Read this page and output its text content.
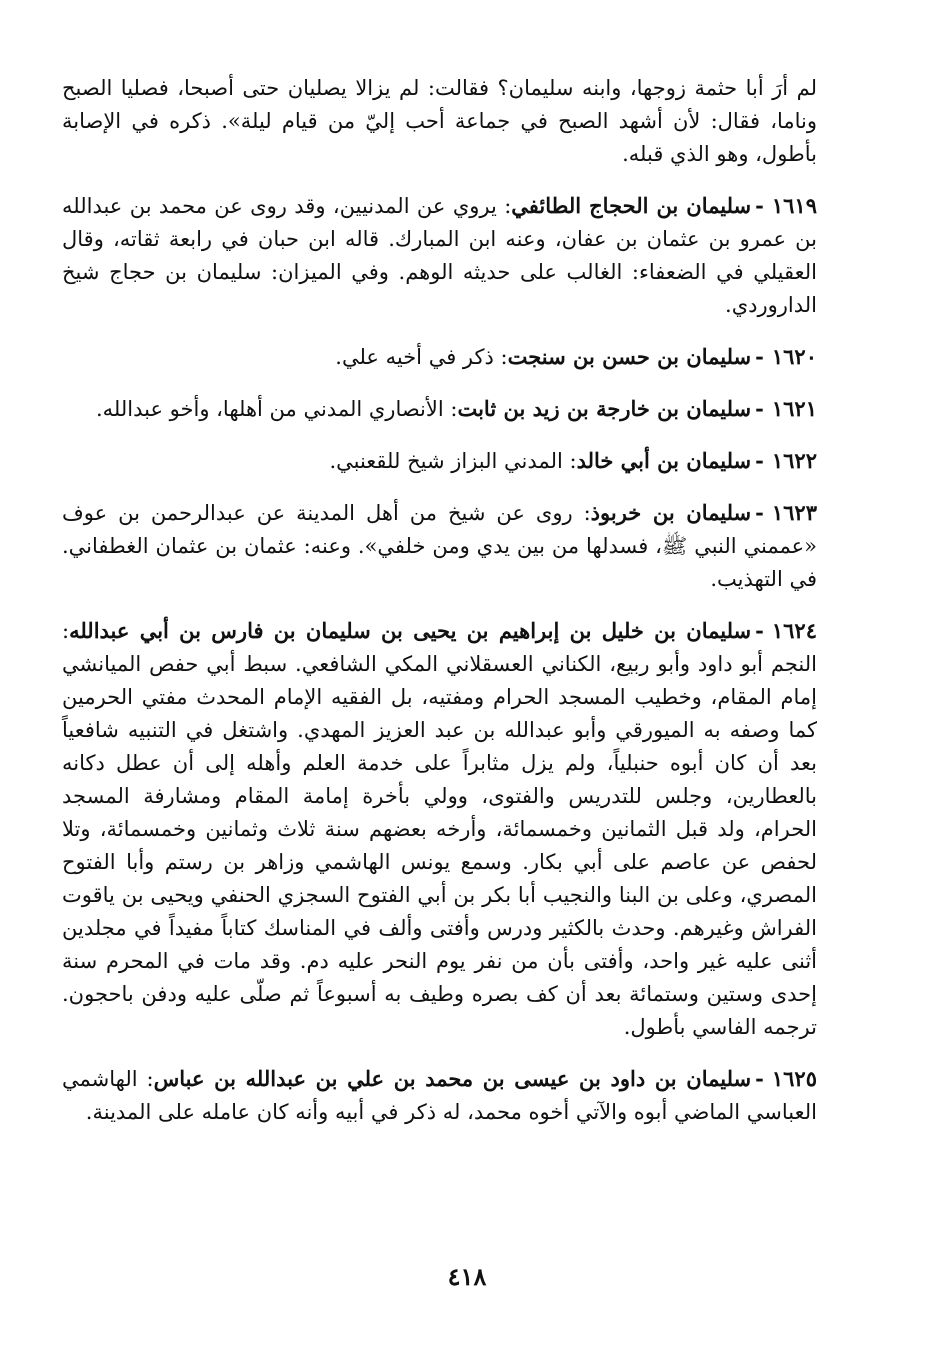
لم أرَ أبا حثمة زوجها، وابنه سليمان؟ فقالت: لم يزالا يصليان حتى أصبحا، فصليا الصبح وناما، فقال: لأن أشهد الصبح في جماعة أحب إليّ من قيام ليلة». ذكره في الإصابة بأطول، وهو الذي قبله.

١٦١٩-سليمان بن الحجاج الطائفي: يروي عن المدنيين، وقد روى عن محمد بن عبدالله بن عمرو بن عثمان بن عفان، وعنه ابن المبارك. قاله ابن حبان في رابعة ثقاته، وقال العقيلي في الضعفاء: الغالب على حديثه الوهم. وفي الميزان: سليمان بن حجاج شيخ الداروردي.

١٦٢٠-سليمان بن حسن بن سنجت: ذكر في أخيه علي.

١٦٢١-سليمان بن خارجة بن زيد بن ثابت: الأنصاري المدني من أهلها، وأخو عبدالله.

١٦٢٢-سليمان بن أبي خالد: المدني البزاز شيخ للقعنبي.

١٦٢٣-سليمان بن خربوذ: روى عن شيخ من أهل المدينة عن عبدالرحمن بن عوف «عممني النبي ﷺ، فسدلها من بين يدي ومن خلفي». وعنه: عثمان بن عثمان الغطفاني. في التهذيب.

١٦٢٤-سليمان بن خليل بن إبراهيم بن يحيى بن سليمان بن فارس بن أبي عبدالله: النجم أبو داود وأبو ربيع، الكناني العسقلاني المكي الشافعي. سبط أبي حفص الميانشي إمام المقام، وخطيب المسجد الحرام ومفتيه، بل الفقيه الإمام المحدث مفتي الحرمين كما وصفه به الميورقي وأبو عبدالله بن عبد العزيز المهدي. واشتغل في التنبيه شافعياً بعد أن كان أبوه حنبلياً، ولم يزل مثابراً على خدمة العلم وأهله إلى أن عطل دكانه بالعطارين، وجلس للتدريس والفتوى، وولي بأخرة إمامة المقام ومشارفة المسجد الحرام، ولد قبل الثمانين وخمسمائة، وأرخه بعضهم سنة ثلاث وثمانين وخمسمائة، وتلا لحفص عن عاصم على أبي بكار. وسمع يونس الهاشمي وزاهر بن رستم وأبا الفتوح المصري، وعلى بن البنا والنجيب أبا بكر بن أبي الفتوح السجزي الحنفي ويحيى بن ياقوت الفراش وغيرهم. وحدث بالكثير ودرس وأفتى وألف في المناسك كتاباً مفيداً في مجلدين أثنى عليه غير واحد، وأفتى بأن من نفر يوم النحر عليه دم. وقد مات في المحرم سنة إحدى وستين وستمائة بعد أن كف بصره وطيف به أسبوعاً ثم صلّى عليه ودفن باحجون. ترجمه الفاسي بأطول.

١٦٢٥-سليمان بن داود بن عيسى بن محمد بن علي بن عبدالله بن عباس: الهاشمي العباسي الماضي أبوه والآتي أخوه محمد، له ذكر في أبيه وأنه كان عامله على المدينة.

٤١٨
